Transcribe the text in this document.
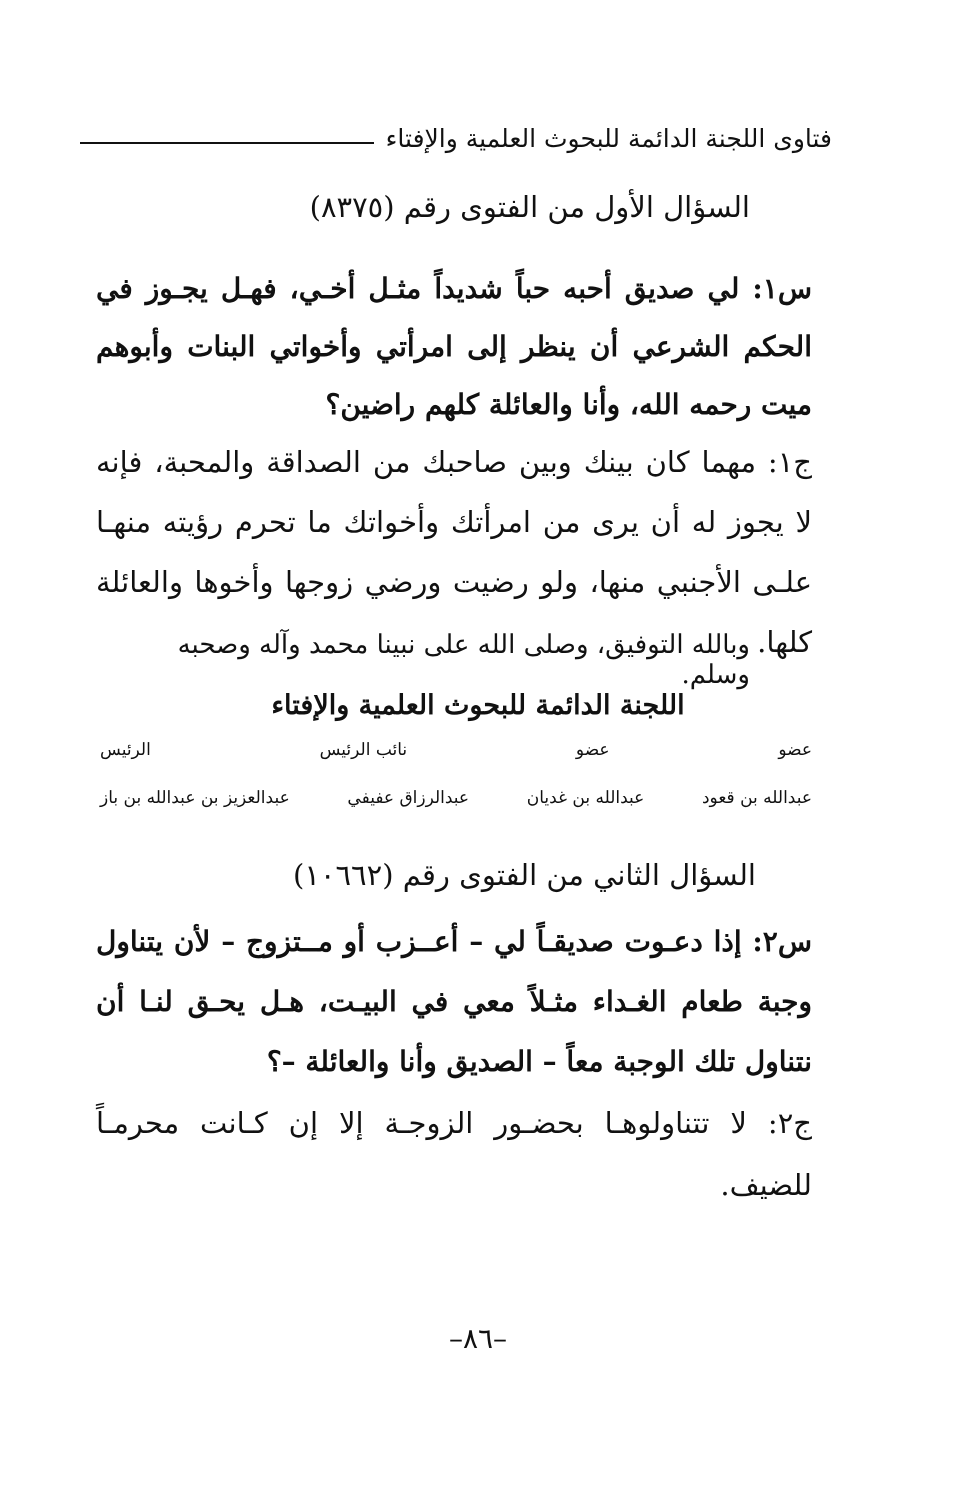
فتاوى اللجنة الدائمة للبحوث العلمية والإفتاء
السؤال الأول من الفتوى رقم (٨٣٧٥)
س١: لي صديق أحبه حباً شديداً مثـل أخـي، فهـل يجـوز في الحكم الشرعي أن ينظر إلى امرأتي وأخواتي البنات وأبوهم ميت رحمه الله، وأنا والعائلة كلهم راضين؟
ج١: مهما كان بينك وبين صاحبك من الصداقة والمحبة، فإنه لا يجوز له أن يرى من امرأتك وأخواتك ما تحرم رؤيته منهـا علـى الأجنبي منها، ولو رضيت ورضي زوجها وأخوها والعائلة كلها.
وبالله التوفيق، وصلى الله على نبينا محمد وآله وصحبه وسلم.
اللجنة الدائمة للبحوث العلمية والإفتاء
عضو
عضو
نائب الرئيس
الرئيس
عبدالله بن قعود
عبدالله بن غديان
عبدالرزاق عفيفي
عبدالعزيز بن عبدالله بن باز
السؤال الثاني من الفتوى رقم (١٠٦٦٢)
س٢: إذا دعـوت صديقـاً لي – أعــزب أو مــتزوج – لأن يتناول وجبة طعام الغـداء مثـلاً معي في البيـت، هـل يحـق لنـا أن نتناول تلك الوجبة معاً – الصديق وأنا والعائلة –؟
ج٢: لا تتناولوهـا بحضـور الزوجـة إلا إن كـانت محرمـاً للضيف.
–٨٦–
